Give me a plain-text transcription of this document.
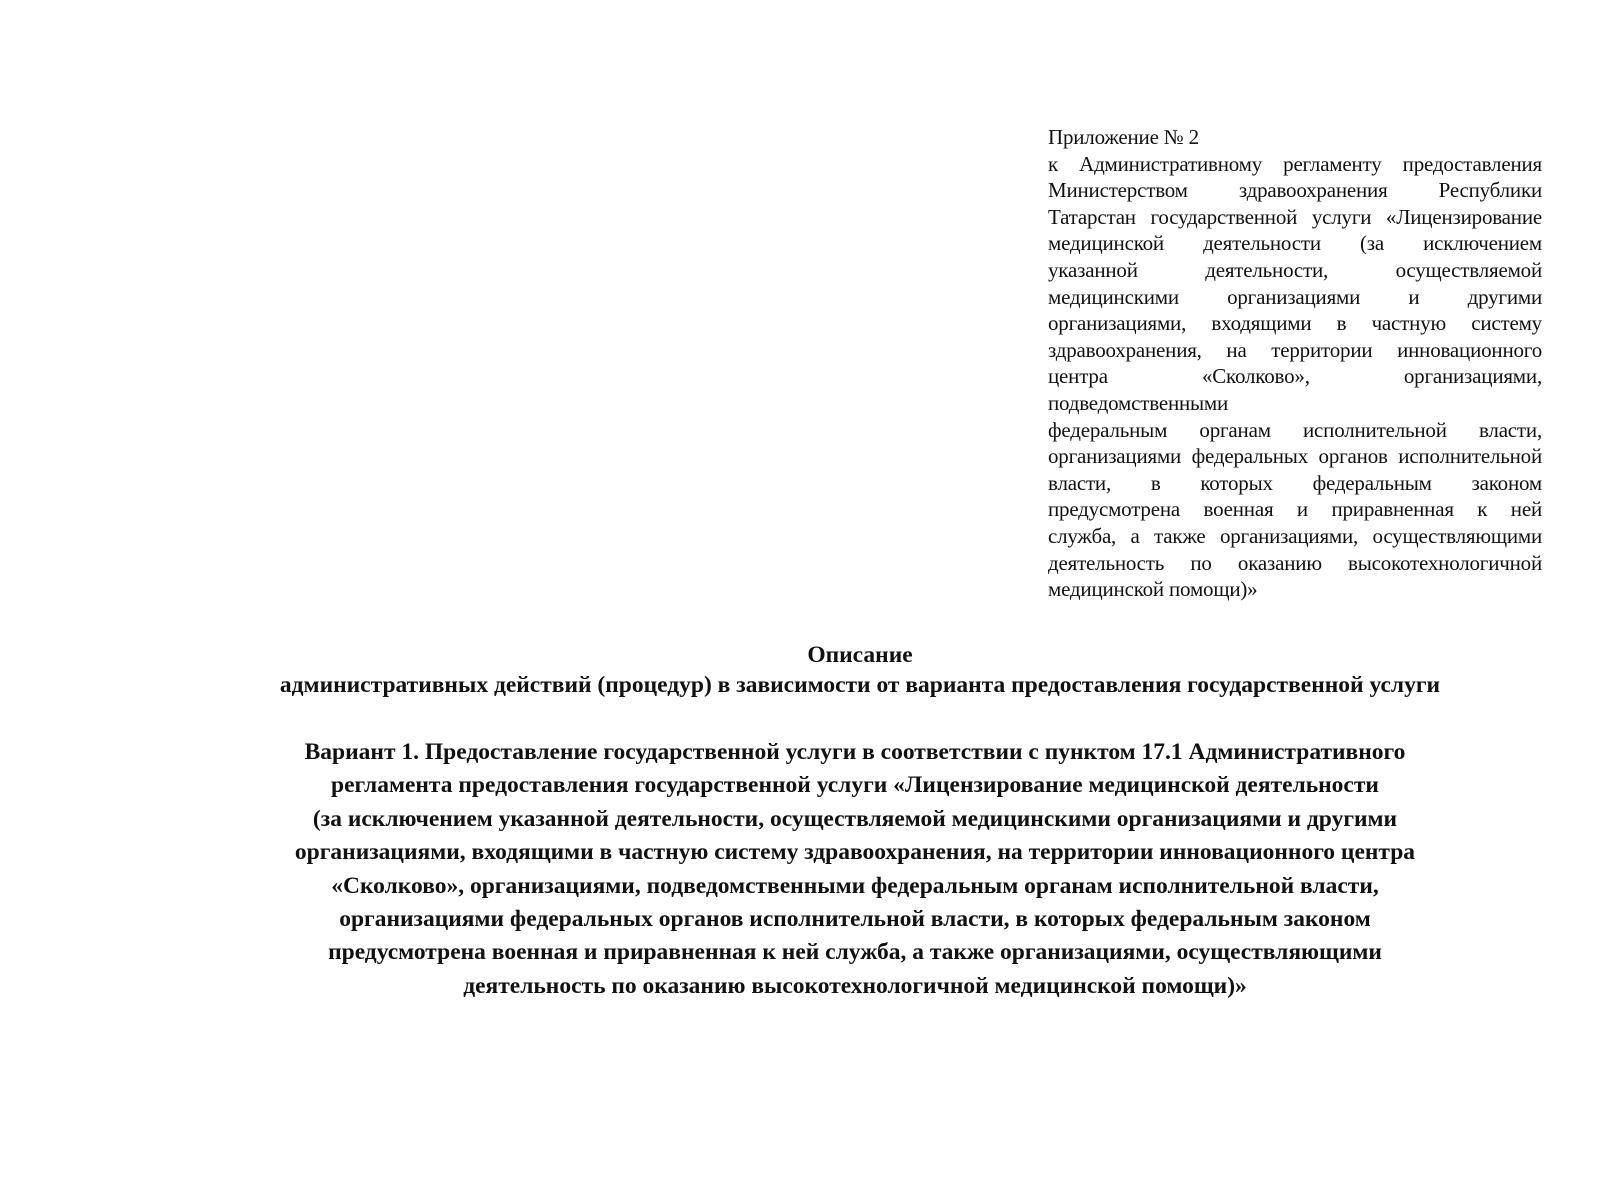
Приложение № 2
к Административному регламенту предоставления
Министерством здравоохранения Республики
Татарстан государственной услуги «Лицензирование
медицинской деятельности (за исключением
указанной деятельности, осуществляемой
медицинскими организациями и другими
организациями, входящими в частную систему
здравоохранения, на территории инновационного
центра «Сколково», организациями, подведомственными
федеральным органам исполнительной власти,
организациями федеральных органов исполнительной
власти, в которых федеральным законом
предусмотрена военная и приравненная к ней
служба, а также организациями, осуществляющими
деятельность по оказанию высокотехнологичной
медицинской помощи)»
Описание
административных действий (процедур) в зависимости от варианта предоставления государственной услуги
Вариант 1. Предоставление государственной услуги в соответствии с пунктом 17.1 Административного
регламента предоставления государственной услуги «Лицензирование медицинской деятельности
(за исключением указанной деятельности, осуществляемой медицинскими организациями и другими
организациями, входящими в частную систему здравоохранения, на территории инновационного центра
«Сколково», организациями, подведомственными федеральным органам исполнительной власти,
организациями федеральных органов исполнительной власти, в которых федеральным законом
предусмотрена военная и приравненная к ней служба, а также организациями, осуществляющими
деятельность по оказанию высокотехнологичной медицинской помощи)»
